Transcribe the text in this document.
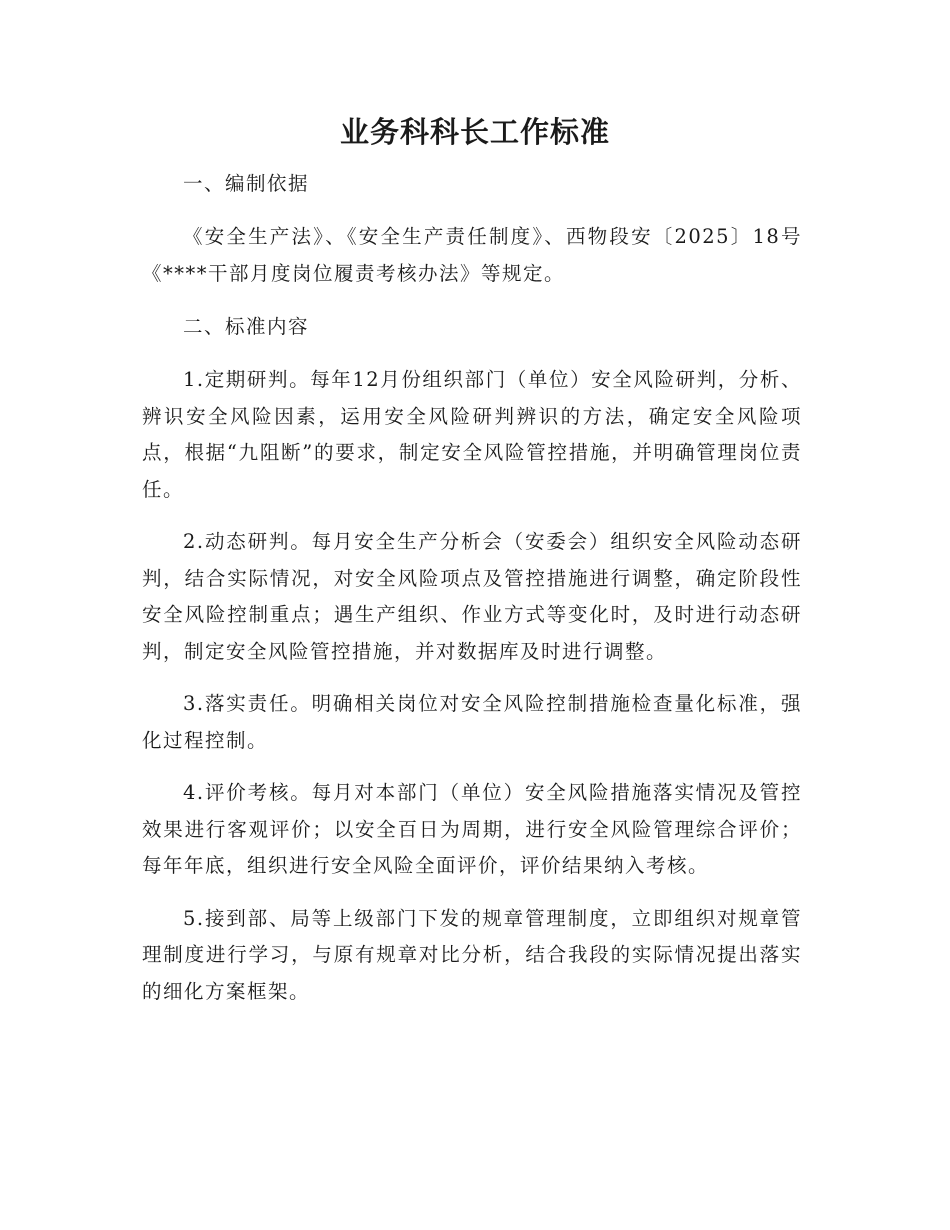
业务科科长工作标准

一、编制依据

《安全生产法》、《安全生产责任制度》、西物段安〔2025〕18号《****干部月度岗位履责考核办法》等规定。

二、标准内容

1.定期研判。每年12月份组织部门（单位）安全风险研判，分析、辨识安全风险因素，运用安全风险研判辨识的方法，确定安全风险项点，根据“九阻断”的要求，制定安全风险管控措施，并明确管理岗位责任。

2.动态研判。每月安全生产分析会（安委会）组织安全风险动态研判，结合实际情况，对安全风险项点及管控措施进行调整，确定阶段性安全风险控制重点；遇生产组织、作业方式等变化时，及时进行动态研判，制定安全风险管控措施，并对数据库及时进行调整。

3.落实责任。明确相关岗位对安全风险控制措施检查量化标准，强化过程控制。

4.评价考核。每月对本部门（单位）安全风险措施落实情况及管控效果进行客观评价；以安全百日为周期，进行安全风险管理综合评价；每年年底，组织进行安全风险全面评价，评价结果纳入考核。

5.接到部、局等上级部门下发的规章管理制度，立即组织对规章管理制度进行学习，与原有规章对比分析，结合我段的实际情况提出落实的细化方案框架。
